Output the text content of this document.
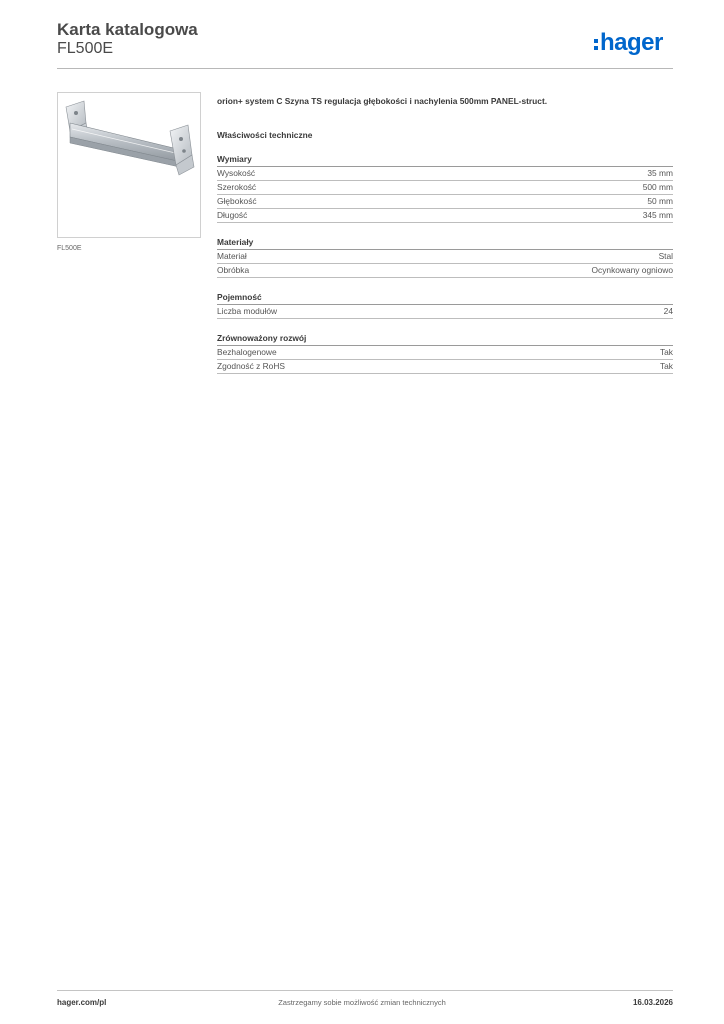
Karta katalogowa
FL500E	hager
FL500E
orion+ system C Szyna TS regulacja głębokości i nachylenia 500mm PANEL-struct.
Właściwości techniczne
Wymiary
Wysokość	35 mm
Szerokość	500 mm
Głębokość	50 mm
Długość	345 mm
Materiały
Materiał	Stal
Obróbka	Ocynkowany ogniowo
Pojemność
Liczba modułów	24
Zrównoważony rozwój
Bezhalogenowe	Tak
Zgodność z RoHS	Tak
hager.com/pl	Zastrzegamy sobie możliwość zmian technicznych	16.03.2026
